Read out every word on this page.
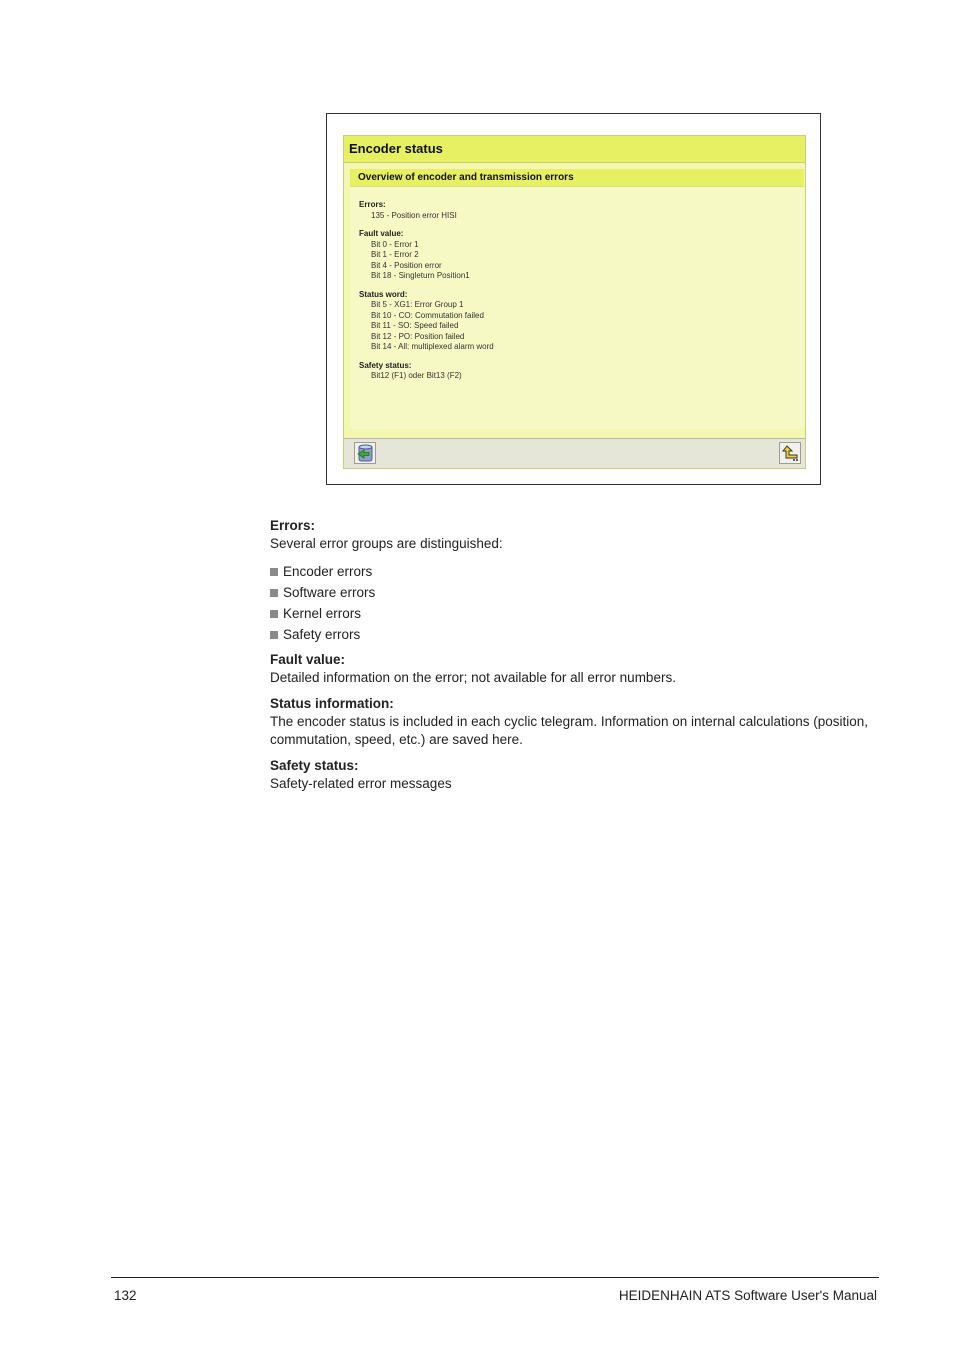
Encoder status
Overview of encoder and transmission errors
Errors:
135 - Position error HISI
Fault value:
Bit 0 - Error 1
Bit 1 - Error 2
Bit 4 - Position error
Bit 18 - Singleturn Position1
Status word:
Bit 5 - XG1: Error Group 1
Bit 10 - CO: Commutation failed
Bit 11 - SO: Speed failed
Bit 12 - PO: Position failed
Bit 14 - All: multiplexed alarm word
Safety status:
Bit12 (F1) oder Bit13 (F2)
Errors:

Several error groups are distinguished:

Encoder errors
Software errors
Kernel errors
Safety errors
Fault value:

Detailed information on the error; not available for all error numbers.

Status information:

The encoder status is included in each cyclic telegram. Information on internal calculations (position, commutation, speed, etc.) are saved here.

Safety status:

Safety-related error messages

132	HEIDENHAIN ATS Software User's Manual
